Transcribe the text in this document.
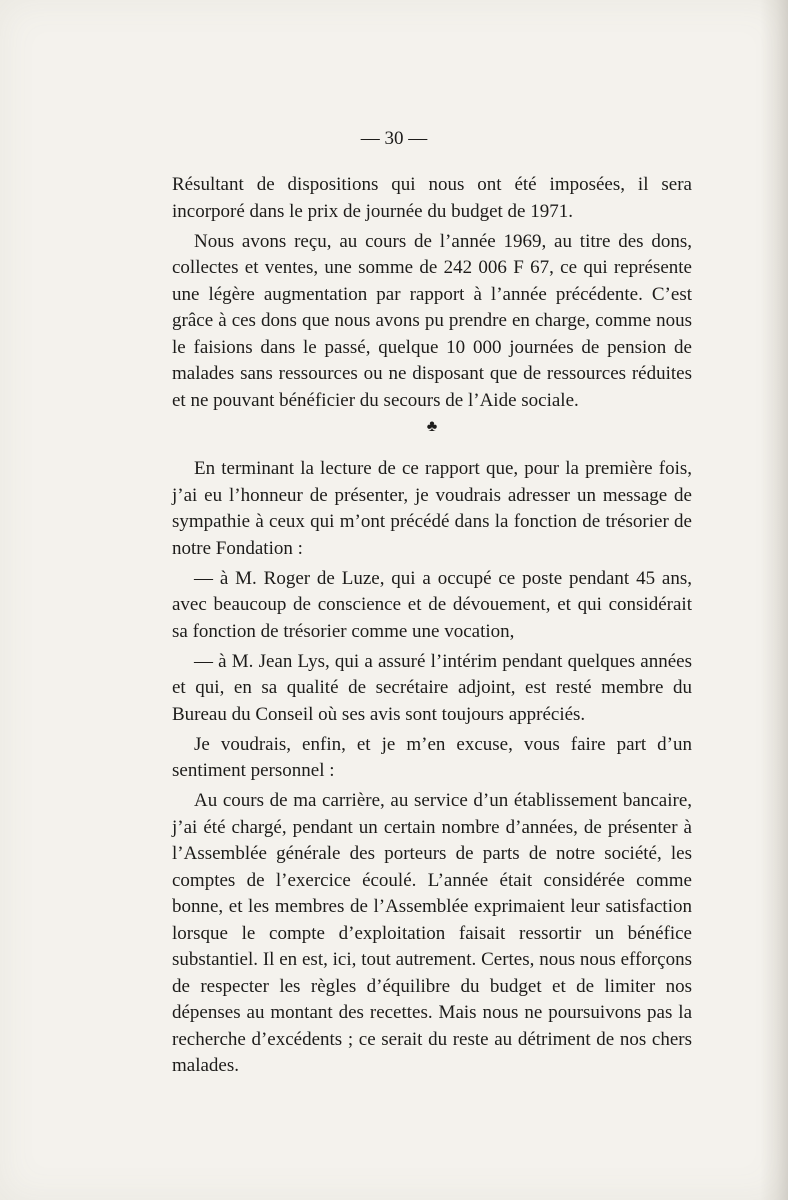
— 30 —

Résultant de dispositions qui nous ont été imposées, il sera incorporé dans le prix de journée du budget de 1971.

Nous avons reçu, au cours de l’année 1969, au titre des dons, collectes et ventes, une somme de 242 006 F 67, ce qui représente une légère augmentation par rapport à l’année précédente. C’est grâce à ces dons que nous avons pu prendre en charge, comme nous le faisions dans le passé, quelque 10 000 journées de pension de malades sans ressources ou ne disposant que de ressources réduites et ne pouvant bénéficier du secours de l’Aide sociale.

♣

En terminant la lecture de ce rapport que, pour la première fois, j’ai eu l’honneur de présenter, je voudrais adresser un message de sympathie à ceux qui m’ont précédé dans la fonction de trésorier de notre Fondation :

— à M. Roger de Luze, qui a occupé ce poste pendant 45 ans, avec beaucoup de conscience et de dévouement, et qui considérait sa fonction de trésorier comme une vocation,

— à M. Jean Lys, qui a assuré l’intérim pendant quelques années et qui, en sa qualité de secrétaire adjoint, est resté membre du Bureau du Conseil où ses avis sont toujours appréciés.

Je voudrais, enfin, et je m’en excuse, vous faire part d’un sentiment personnel :

Au cours de ma carrière, au service d’un établissement bancaire, j’ai été chargé, pendant un certain nombre d’années, de présenter à l’Assemblée générale des porteurs de parts de notre société, les comptes de l’exercice écoulé. L’année était considérée comme bonne, et les membres de l’Assemblée exprimaient leur satisfaction lorsque le compte d’exploitation faisait ressortir un bénéfice substantiel. Il en est, ici, tout autrement. Certes, nous nous efforçons de respecter les règles d’équilibre du budget et de limiter nos dépenses au montant des recettes. Mais nous ne poursuivons pas la recherche d’excédents ; ce serait du reste au détriment de nos chers malades.
